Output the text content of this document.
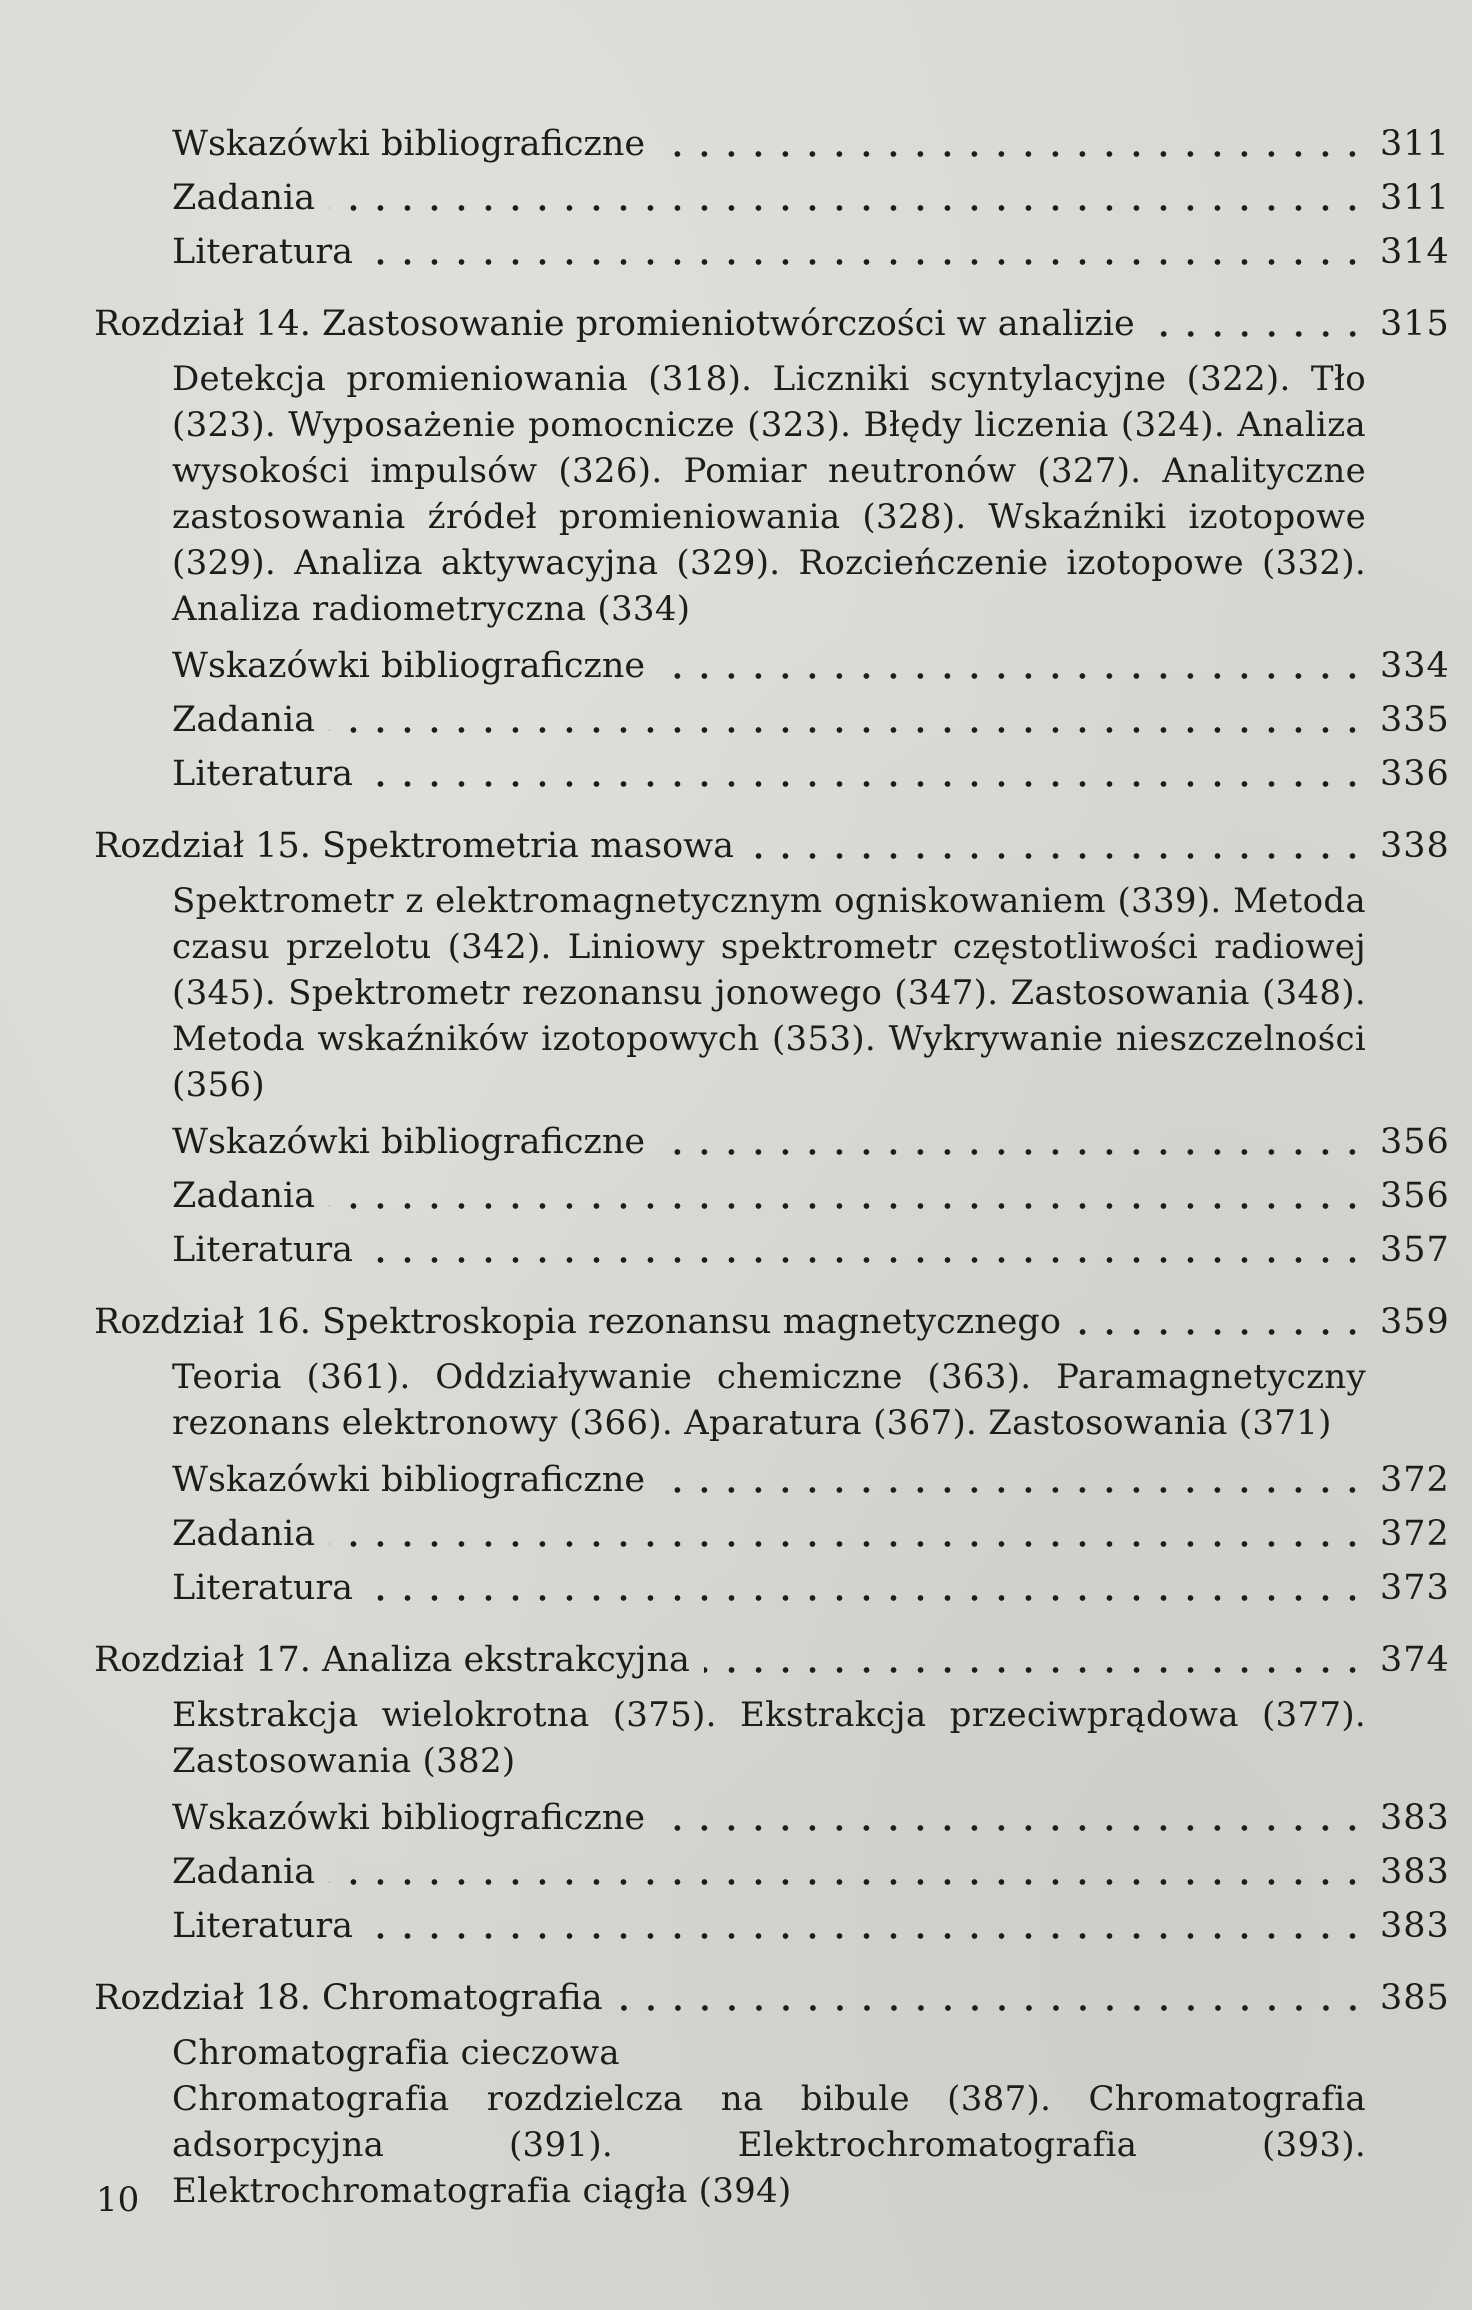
Wskazówki bibliograficzne	311
Zadania	311
Literatura	314
Rozdział 14. Zastosowanie promieniotwórczości w analizie	315

Detekcja promieniowania (318). Liczniki scyntylacyjne (322). Tło (323). Wyposażenie pomocnicze (323). Błędy liczenia (324). Analiza wysokości impulsów (326). Pomiar neutronów (327). Analityczne zastosowania źródeł promieniowania (328). Wskaźniki izotopowe (329). Analiza aktywacyjna (329). Rozcieńczenie izotopowe (332). Analiza radiometryczna (334)

Wskazówki bibliograficzne	334
Zadania	335
Literatura	336
Rozdział 15. Spektrometria masowa	338

Spektrometr z elektromagnetycznym ogniskowaniem (339). Metoda czasu przelotu (342). Liniowy spektrometr częstotliwości radiowej (345). Spektrometr rezonansu jonowego (347). Zastosowania (348). Metoda wskaźników izotopowych (353). Wykrywanie nieszczelności (356)

Wskazówki bibliograficzne	356
Zadania	356
Literatura	357
Rozdział 16. Spektroskopia rezonansu magnetycznego	359

Teoria (361). Oddziaływanie chemiczne (363). Paramagnetyczny rezonans elektronowy (366). Aparatura (367). Zastosowania (371)

Wskazówki bibliograficzne	372
Zadania	372
Literatura	373
Rozdział 17. Analiza ekstrakcyjna	374

Ekstrakcja wielokrotna (375). Ekstrakcja przeciwprądowa (377). Zastosowania (382)

Wskazówki bibliograficzne	383
Zadania	383
Literatura	383
Rozdział 18. Chromatografia	385

Chromatografia cieczowa

Chromatografia rozdzielcza na bibule (387). Chromatografia adsorpcyjna (391). Elektrochromatografia (393). Elektrochromatografia ciągła (394)

10
